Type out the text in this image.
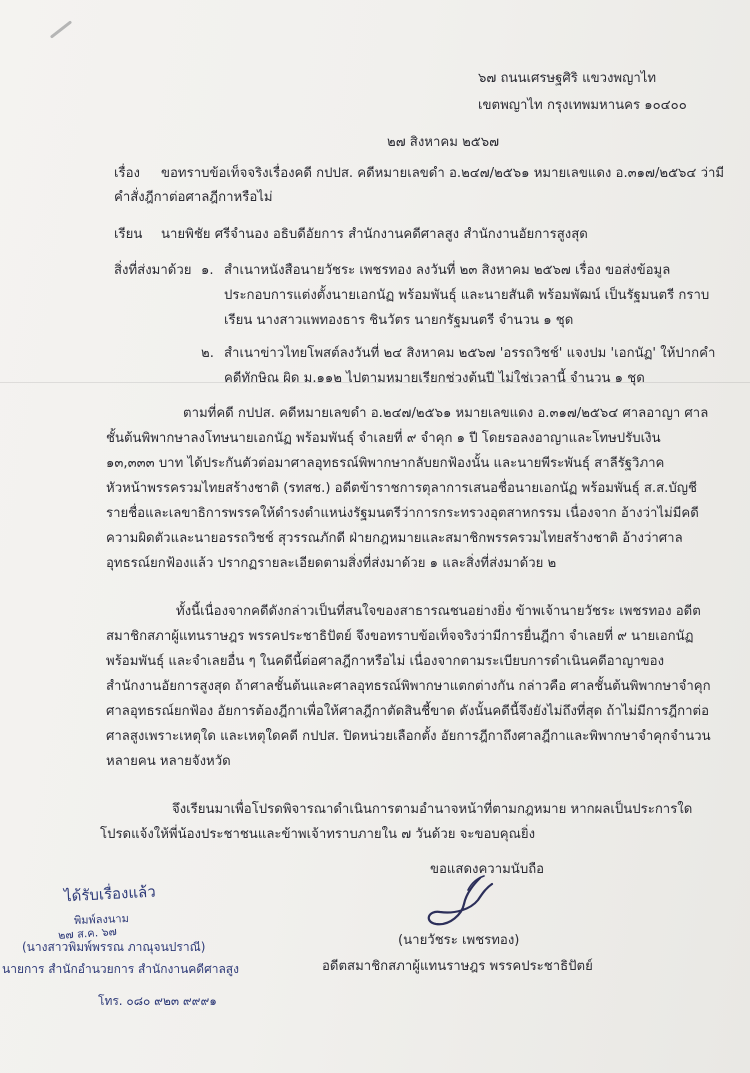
๖๗ ถนนเศรษฐศิริ แขวงพญาไท
เขตพญาไท กรุงเทพมหานคร ๑๐๔๐๐
๒๗ สิงหาคม ๒๕๖๗
เรื่อง ขอทราบข้อเท็จจริงเรื่องคดี กปปส. คดีหมายเลขดำ อ.๒๔๗/๒๕๖๑ หมายเลขแดง อ.๓๑๗/๒๕๖๔ ว่ามี
คำสั่งฎีกาต่อศาลฎีกาหรือไม่
เรียน นายพิชัย ศรีจำนอง อธิบดีอัยการ สำนักงานคดีศาลสูง สำนักงานอัยการสูงสุด
สิ่งที่ส่งมาด้วย ๑. สำเนาหนังสือนายวัชระ เพชรทอง ลงวันที่ ๒๓ สิงหาคม ๒๕๖๗ เรื่อง ขอส่งข้อมูล
ประกอบการแต่งตั้งนายเอกนัฏ พร้อมพันธุ์ และนายสันติ พร้อมพัฒน์ เป็นรัฐมนตรี กราบ
เรียน นางสาวแพทองธาร ชินวัตร นายกรัฐมนตรี จำนวน ๑ ชุด
๒. สำเนาข่าวไทยโพสต์ลงวันที่ ๒๔ สิงหาคม ๒๕๖๗ 'อรรถวิชช์' แจงปม 'เอกนัฏ' ให้ปากคำ
คดีทักษิณ ผิด ม.๑๑๒ ไปตามหมายเรียกช่วงต้นปี ไม่ใช่เวลานี้ จำนวน ๑ ชุด
ตามที่คดี กปปส. คดีหมายเลขดำ อ.๒๔๗/๒๕๖๑ หมายเลขแดง อ.๓๑๗/๒๕๖๔ ศาลอาญา ศาล
ชั้นต้นพิพากษาลงโทษนายเอกนัฏ พร้อมพันธุ์ จำเลยที่ ๙ จำคุก ๑ ปี โดยรอลงอาญาและโทษปรับเงิน
๑๓,๓๓๓ บาท ได้ประกันตัวต่อมาศาลอุทธรณ์พิพากษากลับยกฟ้องนั้น และนายพีระพันธุ์ สาลีรัฐวิภาค
หัวหน้าพรรครวมไทยสร้างชาติ (รทสช.) อดีตข้าราชการตุลาการเสนอชื่อนายเอกนัฏ พร้อมพันธุ์ ส.ส.บัญชี
รายชื่อและเลขาธิการพรรคให้ดำรงตำแหน่งรัฐมนตรีว่าการกระทรวงอุตสาหกรรม เนื่องจาก อ้างว่าไม่มีคดี
ความผิดตัวและนายอรรถวิชช์ สุวรรณภักดี ฝ่ายกฎหมายและสมาชิกพรรครวมไทยสร้างชาติ อ้างว่าศาล
อุทธรณ์ยกฟ้องแล้ว ปรากฏรายละเอียดตามสิ่งที่ส่งมาด้วย ๑ และสิ่งที่ส่งมาด้วย ๒
ทั้งนี้เนื่องจากคดีดังกล่าวเป็นที่สนใจของสาธารณชนอย่างยิ่ง ข้าพเจ้านายวัชระ เพชรทอง อดีต
สมาชิกสภาผู้แทนราษฎร พรรคประชาธิปัตย์ จึงขอทราบข้อเท็จจริงว่ามีการยื่นฎีกา จำเลยที่ ๙ นายเอกนัฏ
พร้อมพันธุ์ และจำเลยอื่น ๆ ในคดีนี้ต่อศาลฎีกาหรือไม่ เนื่องจากตามระเบียบการดำเนินคดีอาญาของ
สำนักงานอัยการสูงสุด ถ้าศาลชั้นต้นและศาลอุทธรณ์พิพากษาแตกต่างกัน กล่าวคือ ศาลชั้นต้นพิพากษาจำคุก
ศาลอุทธรณ์ยกฟ้อง อัยการต้องฎีกาเพื่อให้ศาลฎีกาตัดสินชี้ขาด ดังนั้นคดีนี้จึงยังไม่ถึงที่สุด ถ้าไม่มีการฎีกาต่อ
ศาลสูงเพราะเหตุใด และเหตุใดคดี กปปส. ปิดหน่วยเลือกตั้ง อัยการฎีกาถึงศาลฎีกาและพิพากษาจำคุกจำนวน
หลายคน หลายจังหวัด
จึงเรียนมาเพื่อโปรดพิจารณาดำเนินการตามอำนาจหน้าที่ตามกฎหมาย หากผลเป็นประการใด
โปรดแจ้งให้พี่น้องประชาชนและข้าพเจ้าทราบภายใน ๗ วันด้วย จะขอบคุณยิ่ง
ขอแสดงความนับถือ
(นายวัชระ เพชรทอง)
อดีตสมาชิกสภาผู้แทนราษฎร พรรคประชาธิปัตย์
ได้รับเรื่องแล้ว
พิมพ์ลงนาม
๒๗ ส.ค. ๖๗
(นางสาวพิมพ์พรรณ ภาณุจนปราณี)
นายการ สำนักอำนวยการ สำนักงานคดีศาลสูง
โทร. ๐๘๐ ๙๒๓ ๙๙๙๑
